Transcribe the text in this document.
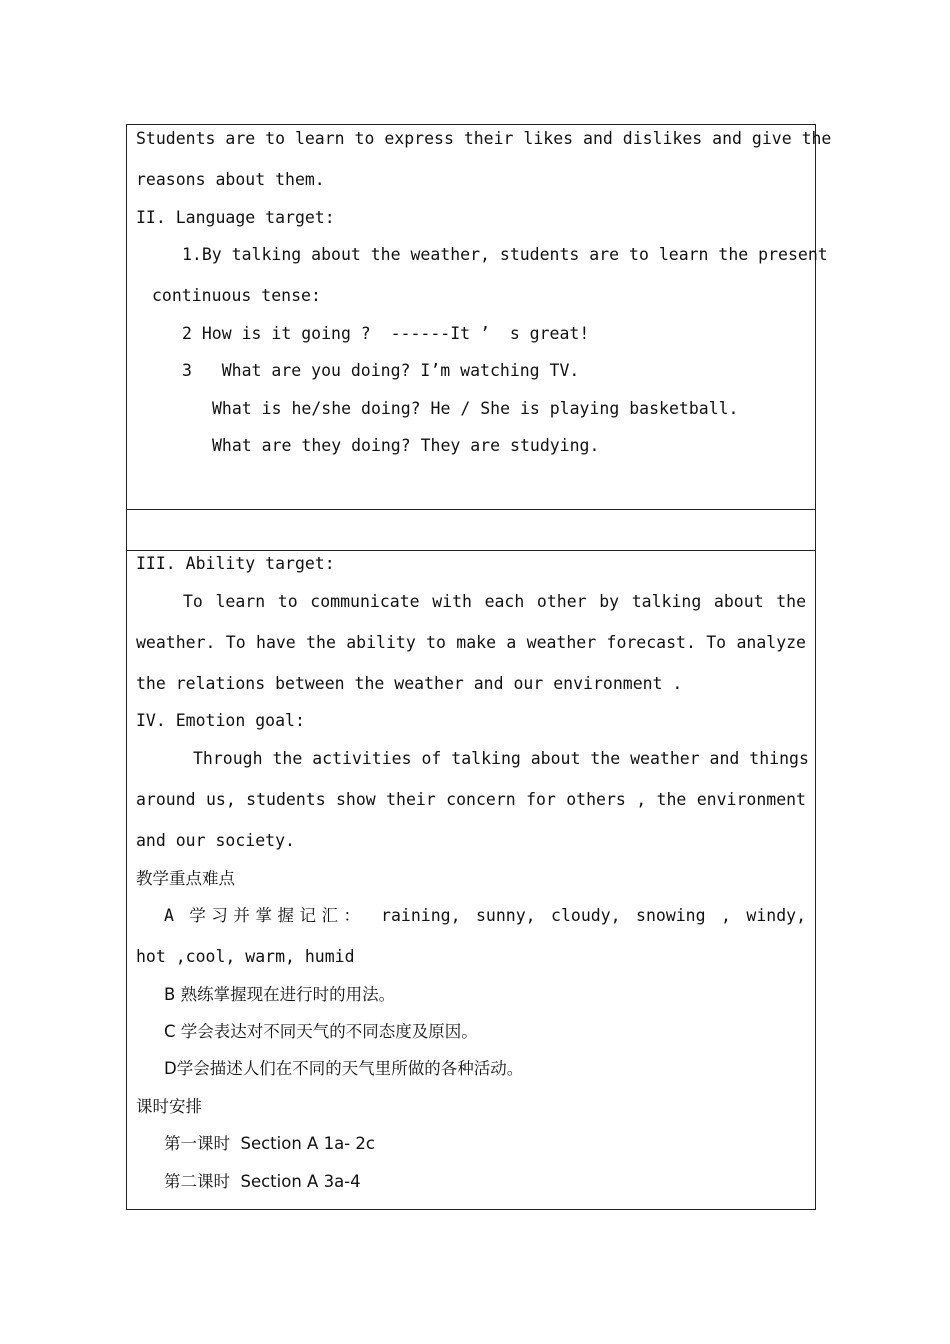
Students are to learn to express their likes and dislikes and give the
reasons about them.
II. Language target:
1.By talking about the weather, students are to learn the present
continuous tense:
2 How is it going ?  ------It ’  s great!
3   What are you doing? I’m watching TV.
What is he/she doing? He / She is playing basketball.
What are they doing? They are studying.
III. Ability target:
To learn to communicate with each other by talking about the
weather. To have the ability to make a weather forecast. To analyze
the relations between the weather and our environment .
IV. Emotion goal:
Through the activities of talking about the weather and things
around us, students show their concern for others , the environment
and our society.
教学重点难点
A 学习并掌握记汇： raining, sunny, cloudy, snowing , windy,
hot ,cool, warm, humid
B 熟练掌握现在进行时的用法。
C 学会表达对不同天气的不同态度及原因。
D学会描述人们在不同的天气里所做的各种活动。
课时安排
第一课时  Section A 1a- 2c
第二课时  Section A 3a-4
